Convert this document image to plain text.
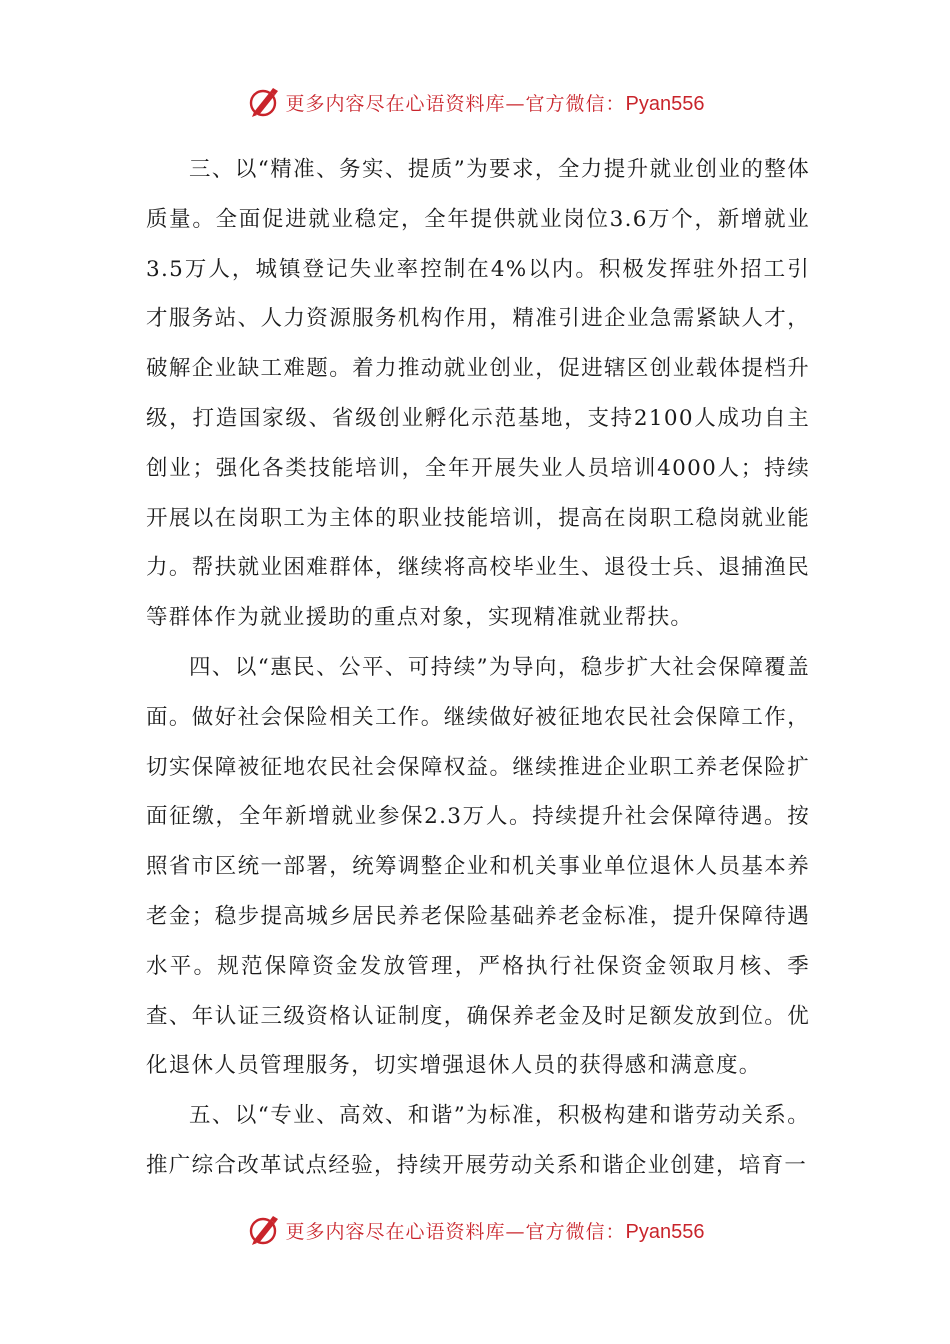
更多内容尽在心语资料库—官方微信：Pyan556

三、以“精准、务实、提质”为要求，全力提升就业创业的整体质量。全面促进就业稳定，全年提供就业岗位3.6万个，新增就业3.5万人，城镇登记失业率控制在4%以内。积极发挥驻外招工引才服务站、人力资源服务机构作用，精准引进企业急需紧缺人才，破解企业缺工难题。着力推动就业创业，促进辖区创业载体提档升级，打造国家级、省级创业孵化示范基地，支持2100人成功自主创业；强化各类技能培训，全年开展失业人员培训4000人；持续开展以在岗职工为主体的职业技能培训，提高在岗职工稳岗就业能力。帮扶就业困难群体，继续将高校毕业生、退役士兵、退捕渔民等群体作为就业援助的重点对象，实现精准就业帮扶。

四、以“惠民、公平、可持续”为导向，稳步扩大社会保障覆盖面。做好社会保险相关工作。继续做好被征地农民社会保障工作，切实保障被征地农民社会保障权益。继续推进企业职工养老保险扩面征缴，全年新增就业参保2.3万人。持续提升社会保障待遇。按照省市区统一部署，统筹调整企业和机关事业单位退休人员基本养老金；稳步提高城乡居民养老保险基础养老金标准，提升保障待遇水平。规范保障资金发放管理，严格执行社保资金领取月核、季查、年认证三级资格认证制度，确保养老金及时足额发放到位。优化退休人员管理服务，切实增强退休人员的获得感和满意度。

五、以“专业、高效、和谐”为标准，积极构建和谐劳动关系。推广综合改革试点经验，持续开展劳动关系和谐企业创建，培育一

更多内容尽在心语资料库—官方微信：Pyan556
